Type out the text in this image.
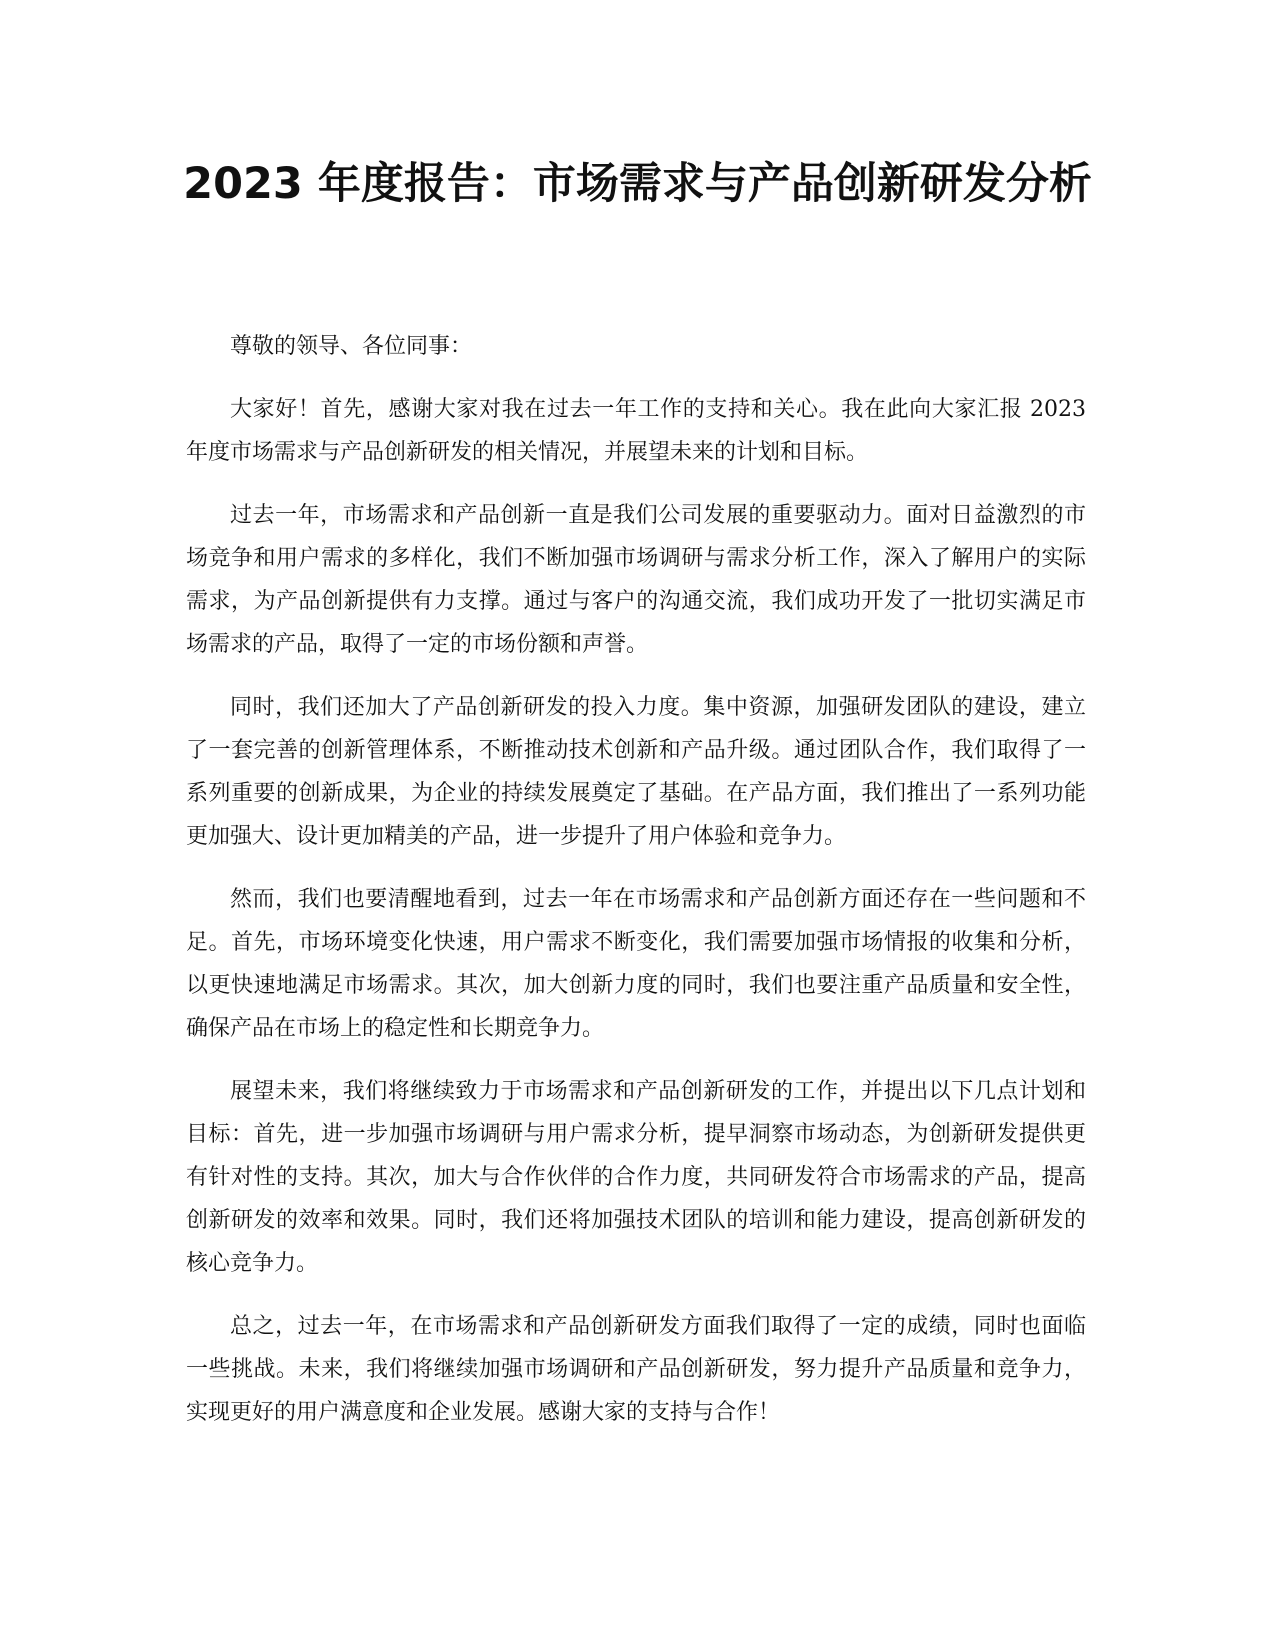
2023 年度报告：市场需求与产品创新研发分析

尊敬的领导、各位同事：

大家好！首先，感谢大家对我在过去一年工作的支持和关心。我在此向大家汇报 2023 年度市场需求与产品创新研发的相关情况，并展望未来的计划和目标。

过去一年，市场需求和产品创新一直是我们公司发展的重要驱动力。面对日益激烈的市场竞争和用户需求的多样化，我们不断加强市场调研与需求分析工作，深入了解用户的实际需求，为产品创新提供有力支撑。通过与客户的沟通交流，我们成功开发了一批切实满足市场需求的产品，取得了一定的市场份额和声誉。

同时，我们还加大了产品创新研发的投入力度。集中资源，加强研发团队的建设，建立了一套完善的创新管理体系，不断推动技术创新和产品升级。通过团队合作，我们取得了一系列重要的创新成果，为企业的持续发展奠定了基础。在产品方面，我们推出了一系列功能更加强大、设计更加精美的产品，进一步提升了用户体验和竞争力。

然而，我们也要清醒地看到，过去一年在市场需求和产品创新方面还存在一些问题和不足。首先，市场环境变化快速，用户需求不断变化，我们需要加强市场情报的收集和分析，以更快速地满足市场需求。其次，加大创新力度的同时，我们也要注重产品质量和安全性，确保产品在市场上的稳定性和长期竞争力。

展望未来，我们将继续致力于市场需求和产品创新研发的工作，并提出以下几点计划和目标：首先，进一步加强市场调研与用户需求分析，提早洞察市场动态，为创新研发提供更有针对性的支持。其次，加大与合作伙伴的合作力度，共同研发符合市场需求的产品，提高创新研发的效率和效果。同时，我们还将加强技术团队的培训和能力建设，提高创新研发的核心竞争力。

总之，过去一年，在市场需求和产品创新研发方面我们取得了一定的成绩，同时也面临一些挑战。未来，我们将继续加强市场调研和产品创新研发，努力提升产品质量和竞争力，实现更好的用户满意度和企业发展。感谢大家的支持与合作！
